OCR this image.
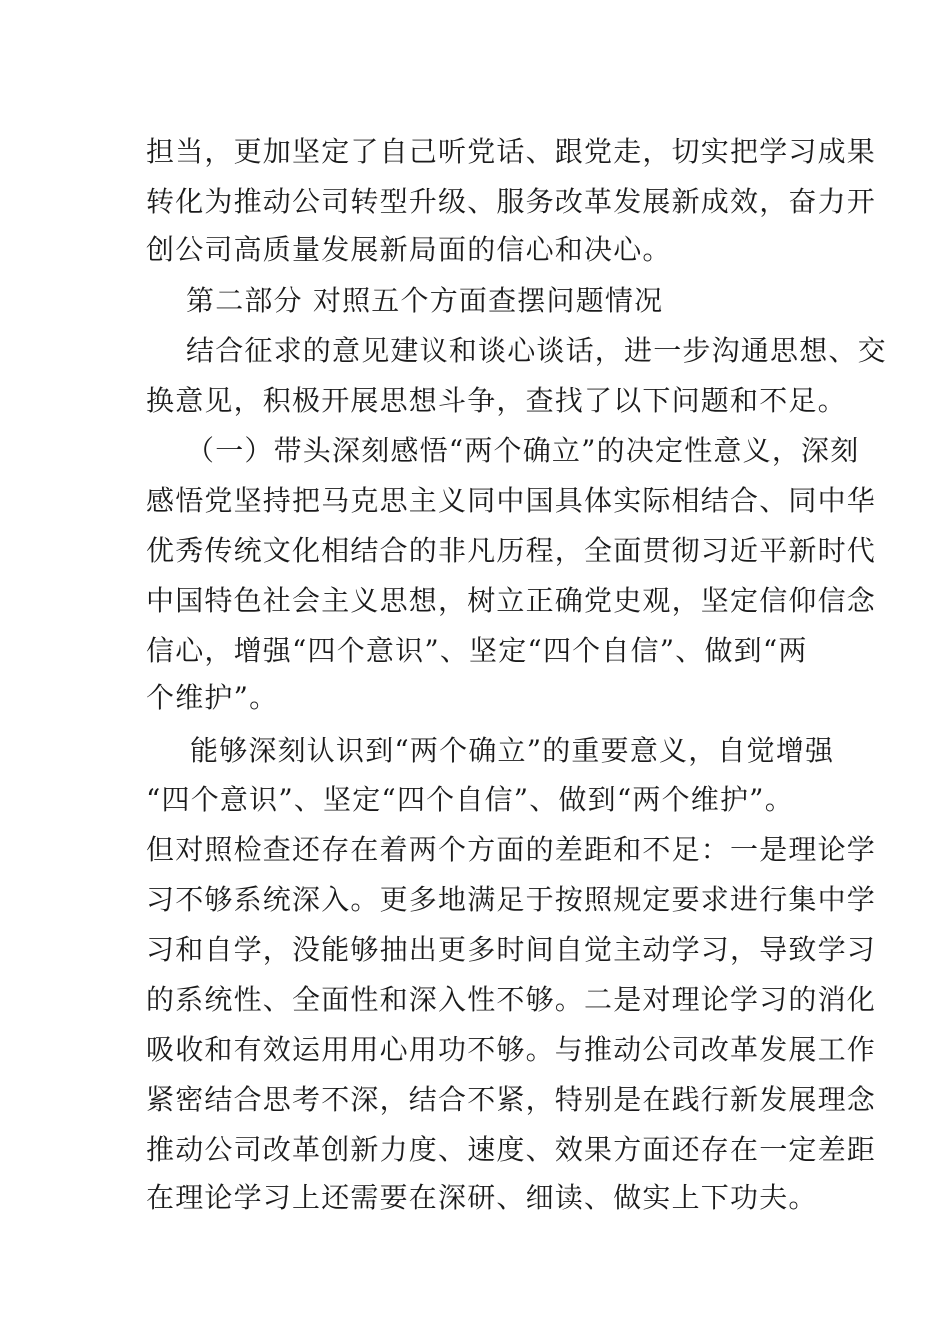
担当，更加坚定了自己听党话、跟党走，切实把学习成果
转化为推动公司转型升级、服务改革发展新成效，奋力开
创公司高质量发展新局面的信心和决心。
第二部分 对照五个方面查摆问题情况
结合征求的意见建议和谈心谈话，进一步沟通思想、交
换意见，积极开展思想斗争，查找了以下问题和不足。
（一）带头深刻感悟“两个确立”的决定性意义，深刻
感悟党坚持把马克思主义同中国具体实际相结合、同中华
优秀传统文化相结合的非凡历程，全面贯彻习近平新时代
中国特色社会主义思想，树立正确党史观，坚定信仰信念
信心，增强“四个意识”、坚定“四个自信”、做到“两
个维护”。
能够深刻认识到“两个确立”的重要意义，自觉增强
“四个意识”、坚定“四个自信”、做到“两个维护”。
但对照检查还存在着两个方面的差距和不足：一是理论学
习不够系统深入。更多地满足于按照规定要求进行集中学
习和自学，没能够抽出更多时间自觉主动学习，导致学习
的系统性、全面性和深入性不够。二是对理论学习的消化
吸收和有效运用用心用功不够。与推动公司改革发展工作
紧密结合思考不深，结合不紧，特别是在践行新发展理念
推动公司改革创新力度、速度、效果方面还存在一定差距
在理论学习上还需要在深研、细读、做实上下功夫。
